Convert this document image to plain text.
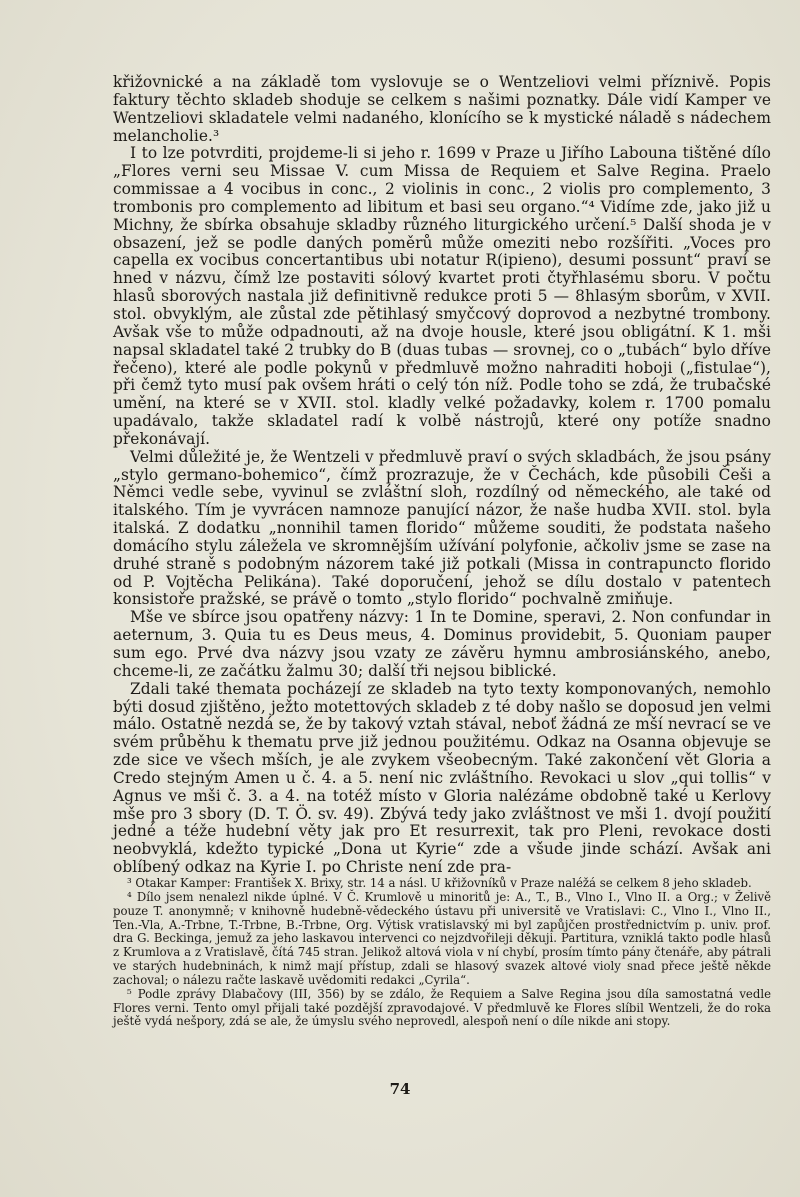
křižovnické a na základě tom vyslovuje se o Wentzeliovi velmi příznivě. Popis faktury těchto skladeb shoduje se celkem s našimi poznatky. Dále vidí Kamper ve Wentzeliovi skladatele velmi nadaného, klonícího se k mystické náladě s nádechem melancholie.³

I to lze potvrditi, projdeme-li si jeho r. 1699 v Praze u Jiřího Labouna tištěné dílo „Flores verni seu Missae V. cum Missa de Requiem et Salve Regina. Praelo commissae a 4 vocibus in conc., 2 violinis in conc., 2 violis pro complemento, 3 trombonis pro complemento ad libitum et basi seu organo.“⁴ Vidíme zde, jako již u Michny, že sbírka obsahuje skladby různého liturgického určení.⁵ Další shoda je v obsazení, jež se podle daných poměrů může omeziti nebo rozšířiti. „Voces pro capella ex vocibus concertantibus ubi notatur R(ipieno), desumi possunt“ praví se hned v názvu, čímž lze postaviti sólový kvartet proti čtyřhlasému sboru. V počtu hlasů sborových nastala již definitivně redukce proti 5 — 8hlasým sborům, v XVII. stol. obvyklým, ale zůstal zde pětihlasý smyčcový doprovod a nezbytné trombony. Avšak vše to může odpadnouti, až na dvoje housle, které jsou obligátní. K 1. mši napsal skladatel také 2 trubky do B (duas tubas — srovnej, co o „tubách“ bylo dříve řečeno), které ale podle pokynů v předmluvě možno nahraditi hoboji („fistulae“), při čemž tyto musí pak ovšem hráti o celý tón níž. Podle toho se zdá, že trubačské umění, na které se v XVII. stol. kladly velké požadavky, kolem r. 1700 pomalu upadávalo, takže skladatel radí k volbě nástrojů, které ony potíže snadno překonávají.

Velmi důležité je, že Wentzeli v předmluvě praví o svých skladbách, že jsou psány „stylo germano-bohemico“, čímž prozrazuje, že v Čechách, kde působili Češi a Němci vedle sebe, vyvinul se zvláštní sloh, rozdílný od německého, ale také od italského. Tím je vyvrácen namnoze panující názor, že naše hudba XVII. stol. byla italská. Z dodatku „nonnihil tamen florido“ můžeme souditi, že podstata našeho domácího stylu záležela ve skromnějším užívání polyfonie, ačkoliv jsme se zase na druhé straně s podobným názorem také již potkali (Missa in contrapuncto florido od P. Vojtěcha Pelikána). Také doporučení, jehož se dílu dostalo v patentech konsistoře pražské, se právě o tomto „stylo florido“ pochvalně zmiňuje.

Mše ve sbírce jsou opatřeny názvy: 1 In te Domine, speravi, 2. Non confundar in aeternum, 3. Quia tu es Deus meus, 4. Dominus providebit, 5. Quoniam pauper sum ego. Prvé dva názvy jsou vzaty ze závěru hymnu ambrosiánského, anebo, chceme-li, ze začátku žalmu 30; další tři nejsou biblické.

Zdali také themata pocházejí ze skladeb na tyto texty komponovaných, nemohlo býti dosud zjištěno, ježto motettových skladeb z té doby našlo se doposud jen velmi málo. Ostatně nezdá se, že by takový vztah stával, neboť žádná ze mší nevrací se ve svém průběhu k thematu prve již jednou použitému. Odkaz na Osanna objevuje se zde sice ve všech mších, je ale zvykem všeobecným. Také zakončení vět Gloria a Credo stejným Amen u č. 4. a 5. není nic zvláštního. Revokaci u slov „qui tollis“ v Agnus ve mši č. 3. a 4. na totéž místo v Gloria nalézáme obdobně také u Kerlovy mše pro 3 sbory (D. T. Ö. sv. 49). Zbývá tedy jako zvláštnost ve mši 1. dvojí použití jedné a téže hudební věty jak pro Et resurrexit, tak pro Pleni, revokace dosti neobvyklá, kdežto typické „Dona ut Kyrie“ zde a všude jinde schází. Avšak ani oblíbený odkaz na Kyrie I. po Christe není zde pra-

³ Otakar Kamper: František X. Brixy, str. 14 a násl. U křižovníků v Praze naléžá se celkem 8 jeho skladeb.

⁴ Dílo jsem nenalezl nikde úplné. V Č. Krumlově u minoritů je: A., T., B., Vlno I., Vlno II. a Org.; v Želivě pouze T. anonymně; v knihovně hudebně-vědeckého ústavu při universitě ve Vratislavi: C., Vlno I., Vlno II., Ten.-Vla, A.-Trbne, T.-Trbne, B.-Trbne, Org. Výtisk vratislavský mi byl zapůjčen prostřednictvím p. univ. prof. dra G. Beckinga, jemuž za jeho laskavou intervenci co nejzdvořileji děkuji. Partitura, vzniklá takto podle hlasů z Krumlova a z Vratislavě, čítá 745 stran. Jelikož altová viola v ní chybí, prosím tímto pány čtenáře, aby pátrali ve starých hudebninách, k nimž mají přístup, zdali se hlasový svazek altové violy snad přece ještě někde zachoval; o nálezu račte laskavě uvědomiti redakci „Cyrila“.

⁵ Podle zprávy Dlabačovy (III, 356) by se zdálo, že Requiem a Salve Regina jsou díla samostatná vedle Flores verni. Tento omyl přijali také pozdější zpravodajové. V předmluvě ke Flores slíbil Wentzeli, že do roka ještě vydá nešpory, zdá se ale, že úmyslu svého neprovedl, alespoň není o díle nikde ani stopy.

74
